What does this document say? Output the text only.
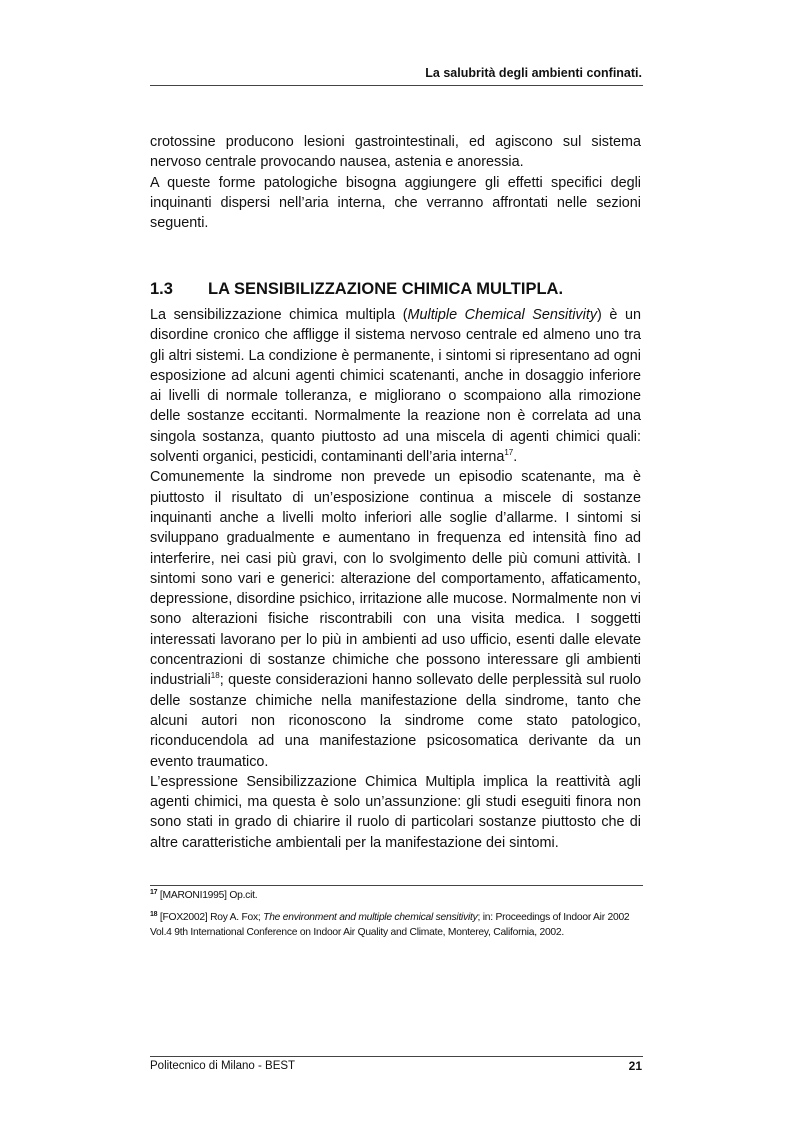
La salubrità degli ambienti confinati.

crotossine producono lesioni gastrointestinali, ed agiscono sul sistema nervoso centrale provocando nausea, astenia e anoressia.

A queste forme patologiche bisogna aggiungere gli effetti specifici degli inquinanti dispersi nell’aria interna, che verranno affrontati nelle sezioni seguenti.

1.3 LA SENSIBILIZZAZIONE CHIMICA MULTIPLA.

La sensibilizzazione chimica multipla (Multiple Chemical Sensitivity) è un disordine cronico che affligge il sistema nervoso centrale ed almeno uno tra gli altri sistemi. La condizione è permanente, i sintomi si ripresentano ad ogni esposizione ad alcuni agenti chimici scatenanti, anche in dosaggio inferiore ai livelli di normale tolleranza, e migliorano o scompaiono alla rimozione delle sostanze eccitanti. Normalmente la reazione non è correlata ad una singola sostanza, quanto piuttosto ad una miscela di agenti chimici quali: solventi organici, pesticidi, contaminanti dell’aria interna$^{17}$.

Comunemente la sindrome non prevede un episodio scatenante, ma è piuttosto il risultato di un’esposizione continua a miscele di sostanze inquinanti anche a livelli molto inferiori alle soglie d’allarme. I sintomi si sviluppano gradualmente e aumentano in frequenza ed intensità fino ad interferire, nei casi più gravi, con lo svolgimento delle più comuni attività. I sintomi sono vari e generici: alterazione del comportamento, affaticamento, depressione, disordine psichico, irritazione alle mucose. Normalmente non vi sono alterazioni fisiche riscontrabili con una visita medica. I soggetti interessati lavorano per lo più in ambienti ad uso ufficio, esenti dalle elevate concentrazioni di sostanze chimiche che possono interessare gli ambienti industriali$^{18}$; queste considerazioni hanno sollevato delle perplessità sul ruolo delle sostanze chimiche nella manifestazione della sindrome, tanto che alcuni autori non riconoscono la sindrome come stato patologico, riconducendola ad una manifestazione psicosomatica derivante da un evento traumatico.

L’espressione Sensibilizzazione Chimica Multipla implica la reattività agli agenti chimici, ma questa è solo un’assunzione: gli studi eseguiti finora non sono stati in grado di chiarire il ruolo di particolari sostanze piuttosto che di altre caratteristiche ambientali per la manifestazione dei sintomi.

$^{17}$ [MARONI1995] Op.cit.
$^{18}$ [FOX2002] Roy A. Fox; The environment and multiple chemical sensitivity; in: Proceedings of Indoor Air 2002 Vol.4 9th International Conference on Indoor Air Quality and Climate, Monterey, California, 2002.
Politecnico di Milano - BEST	21
